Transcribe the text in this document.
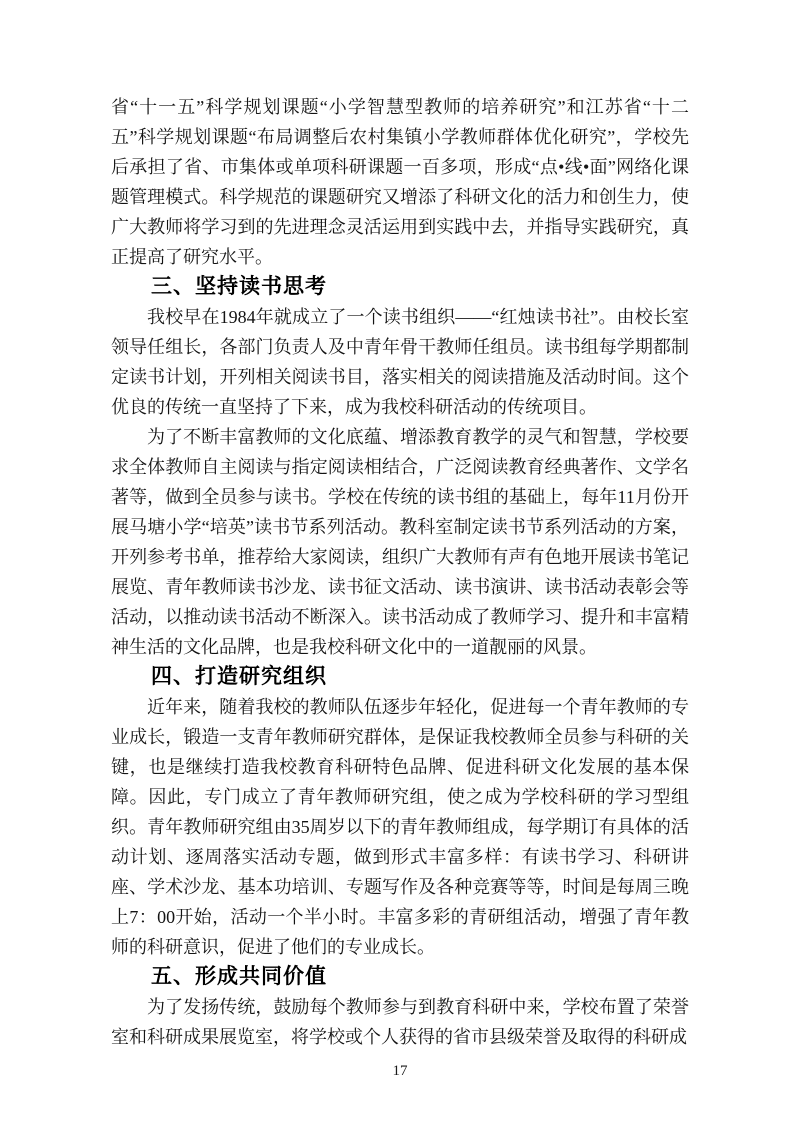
省“十一五”科学规划课题“小学智慧型教师的培养研究”和江苏省“十二五”科学规划课题“布局调整后农村集镇小学教师群体优化研究”，学校先后承担了省、市集体或单项科研课题一百多项，形成“点•线•面”网络化课题管理模式。科学规范的课题研究又增添了科研文化的活力和创生力，使广大教师将学习到的先进理念灵活运用到实践中去，并指导实践研究，真正提高了研究水平。

三、坚持读书思考

我校早在1984年就成立了一个读书组织——“红烛读书社”。由校长室领导任组长，各部门负责人及中青年骨干教师任组员。读书组每学期都制定读书计划，开列相关阅读书目，落实相关的阅读措施及活动时间。这个优良的传统一直坚持了下来，成为我校科研活动的传统项目。

为了不断丰富教师的文化底蕴、增添教育教学的灵气和智慧，学校要求全体教师自主阅读与指定阅读相结合，广泛阅读教育经典著作、文学名著等，做到全员参与读书。学校在传统的读书组的基础上，每年11月份开展马塘小学“培英”读书节系列活动。教科室制定读书节系列活动的方案，开列参考书单，推荐给大家阅读，组织广大教师有声有色地开展读书笔记展览、青年教师读书沙龙、读书征文活动、读书演讲、读书活动表彰会等活动，以推动读书活动不断深入。读书活动成了教师学习、提升和丰富精神生活的文化品牌，也是我校科研文化中的一道靓丽的风景。

四、打造研究组织

近年来，随着我校的教师队伍逐步年轻化，促进每一个青年教师的专业成长，锻造一支青年教师研究群体，是保证我校教师全员参与科研的关键，也是继续打造我校教育科研特色品牌、促进科研文化发展的基本保障。因此，专门成立了青年教师研究组，使之成为学校科研的学习型组织。青年教师研究组由35周岁以下的青年教师组成，每学期订有具体的活动计划、逐周落实活动专题，做到形式丰富多样：有读书学习、科研讲座、学术沙龙、基本功培训、专题写作及各种竞赛等等，时间是每周三晚上7：00开始，活动一个半小时。丰富多彩的青研组活动，增强了青年教师的科研意识，促进了他们的专业成长。

五、形成共同价值

为了发扬传统，鼓励每个教师参与到教育科研中来，学校布置了荣誉室和科研成果展览室，将学校或个人获得的省市县级荣誉及取得的科研成

17
